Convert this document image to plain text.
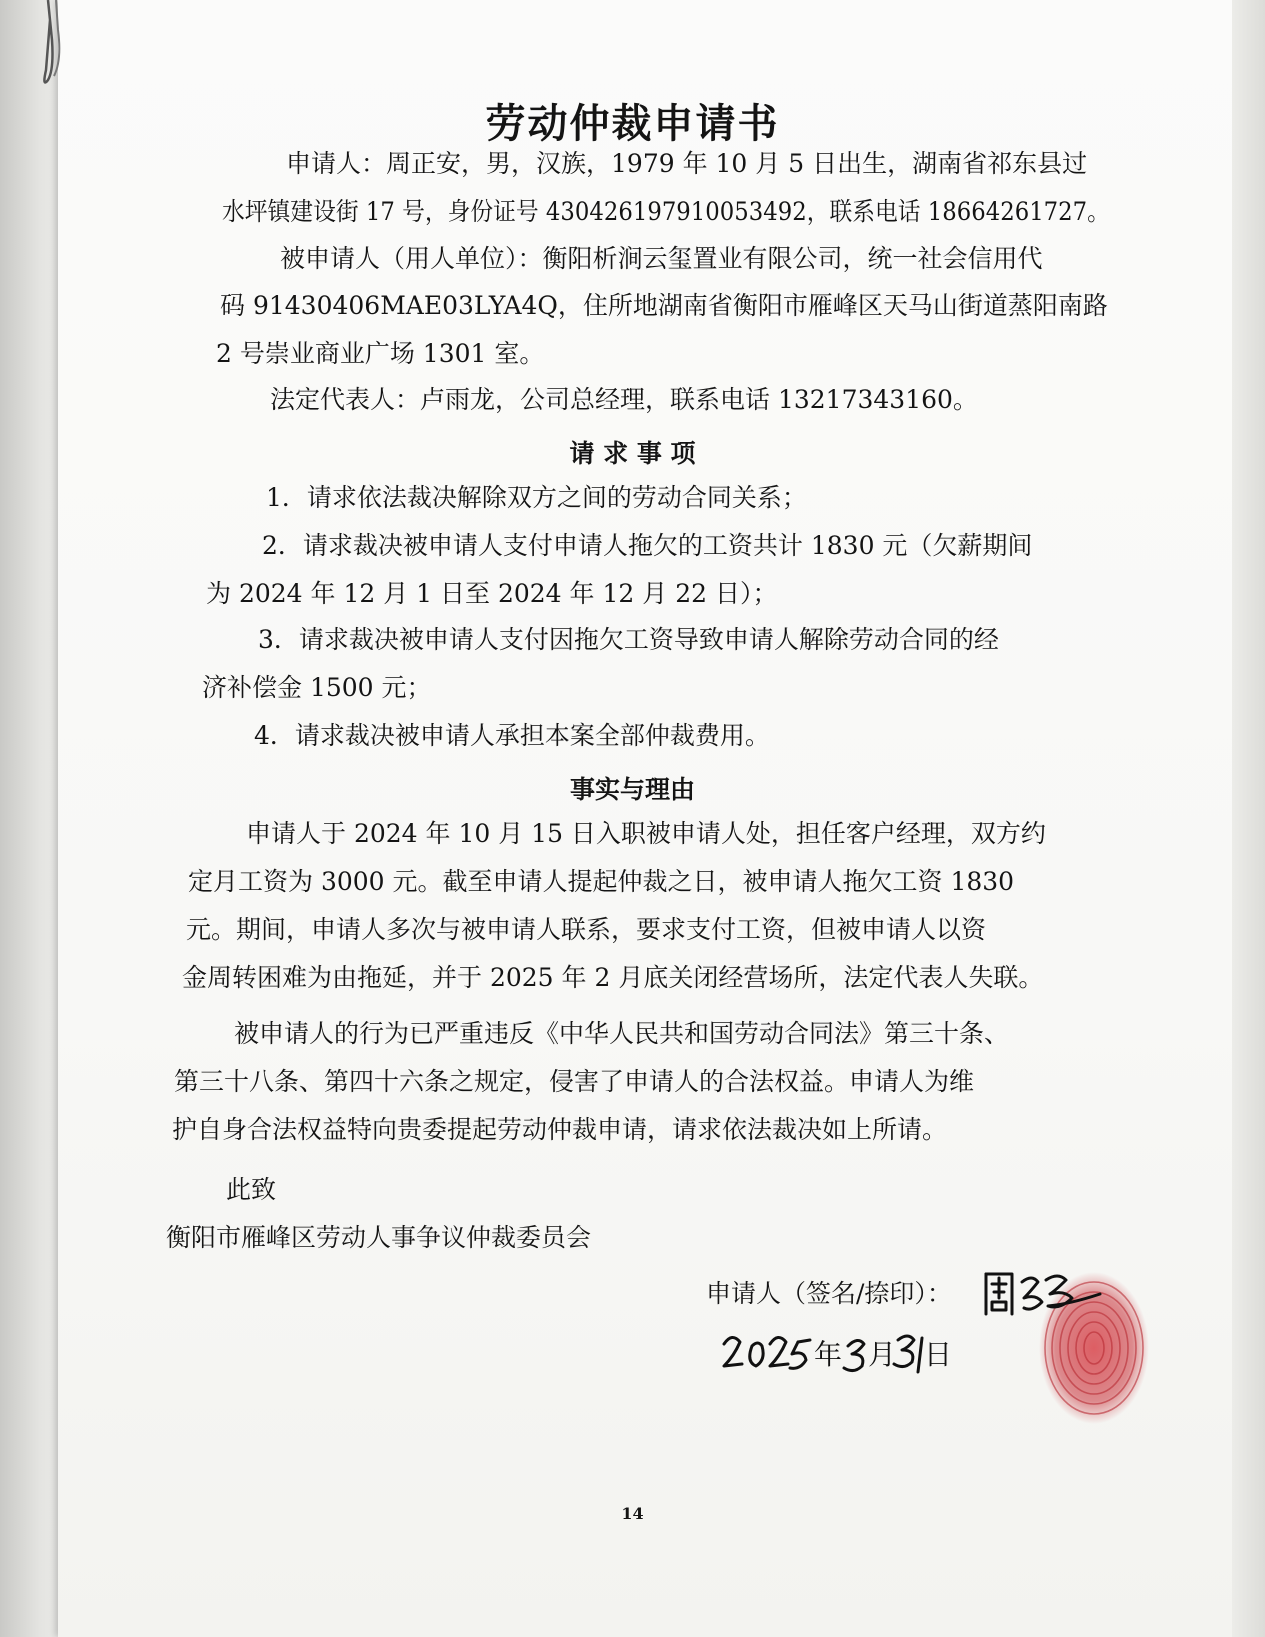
劳动仲裁申请书
申请人：周正安，男，汉族，1979 年 10 月 5 日出生，湖南省祁东县过
水坪镇建设街 17 号，身份证号 430426197910053492，联系电话 18664261727。
被申请人（用人单位）：衡阳析涧云玺置业有限公司，统一社会信用代
码 91430406MAE03LYA4Q，住所地湖南省衡阳市雁峰区天马山街道蒸阳南路
2 号崇业商业广场 1301 室。
法定代表人：卢雨龙，公司总经理，联系电话 13217343160。
请 求 事 项
1．请求依法裁决解除双方之间的劳动合同关系；
2．请求裁决被申请人支付申请人拖欠的工资共计 1830 元（欠薪期间
为 2024 年 12 月 1 日至 2024 年 12 月 22 日）；
3．请求裁决被申请人支付因拖欠工资导致申请人解除劳动合同的经
济补偿金 1500 元；
4．请求裁决被申请人承担本案全部仲裁费用。
事实与理由
申请人于 2024 年 10 月 15 日入职被申请人处，担任客户经理，双方约
定月工资为 3000 元。截至申请人提起仲裁之日，被申请人拖欠工资 1830
元。期间，申请人多次与被申请人联系，要求支付工资，但被申请人以资
金周转困难为由拖延，并于 2025 年 2 月底关闭经营场所，法定代表人失联。
被申请人的行为已严重违反《中华人民共和国劳动合同法》第三十条、
第三十八条、第四十六条之规定，侵害了申请人的合法权益。申请人为维
护自身合法权益特向贵委提起劳动仲裁申请，请求依法裁决如上所请。
此致
衡阳市雁峰区劳动人事争议仲裁委员会
申请人（签名/捺印）：
年 月 日
14
